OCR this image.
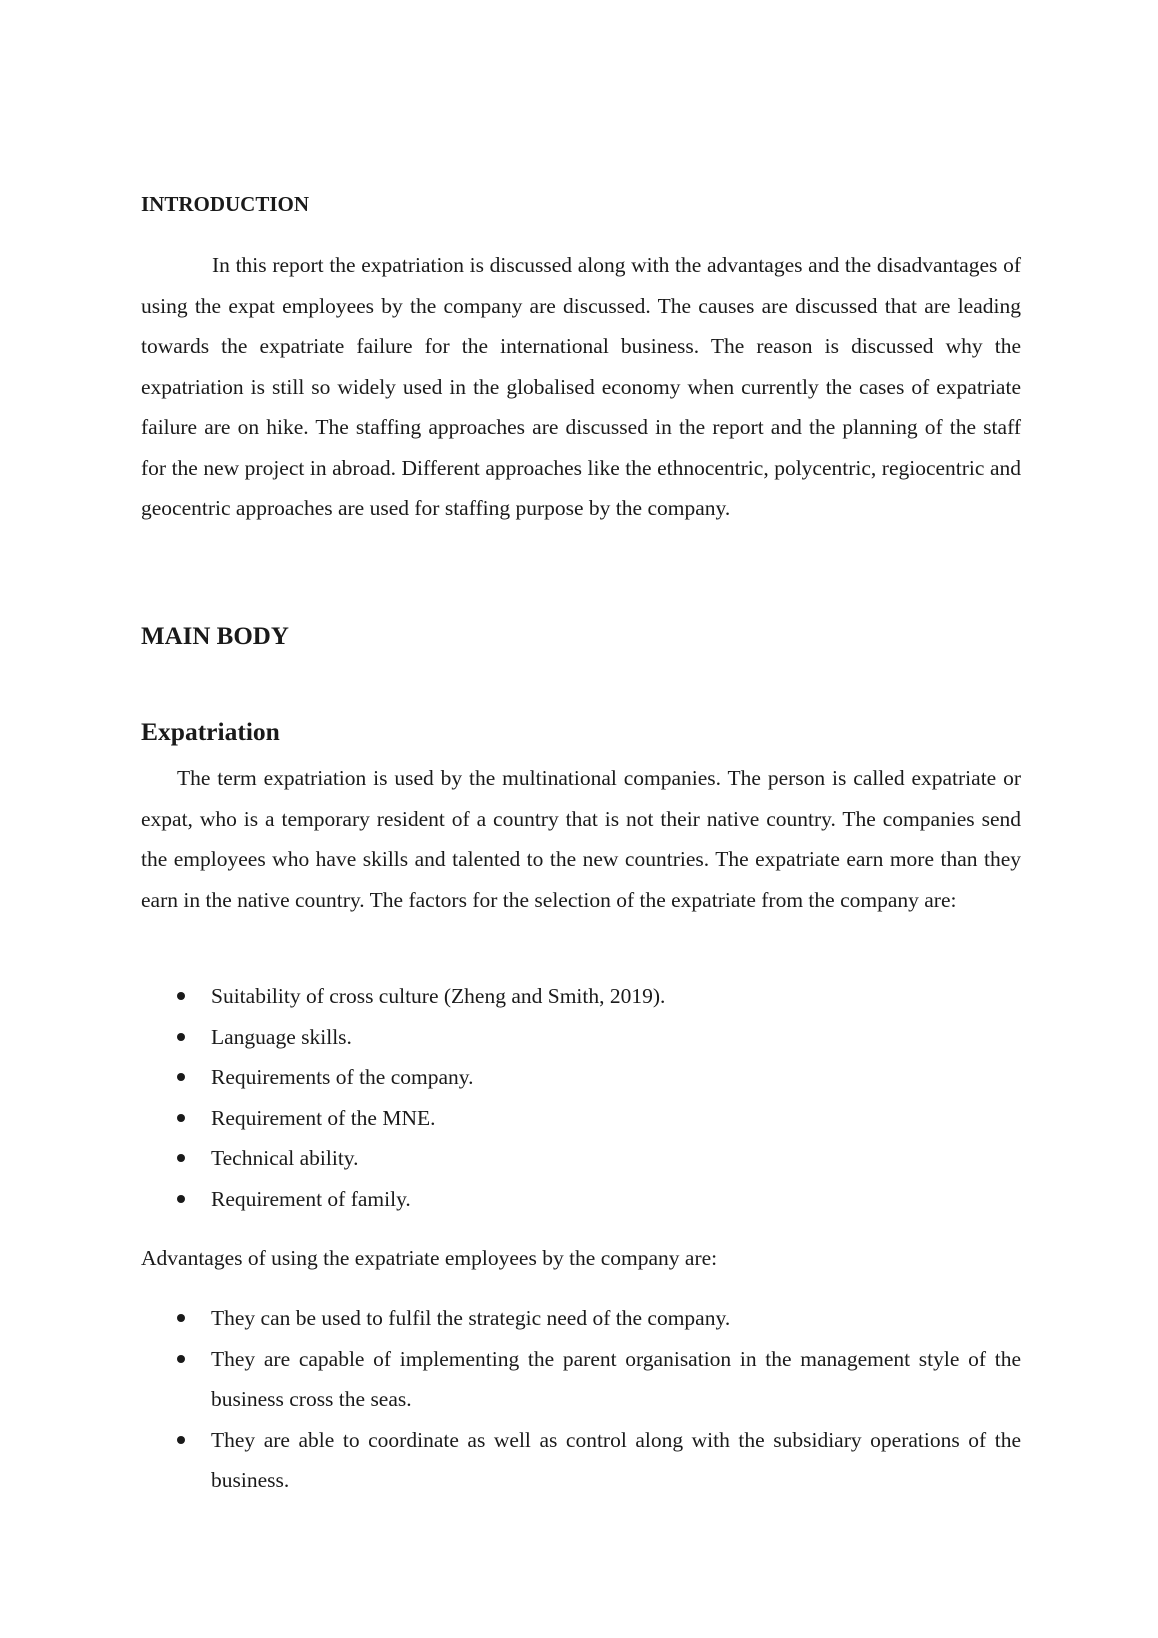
INTRODUCTION

In this report the expatriation is discussed along with the advantages and the disadvantages of using the expat employees by the company are discussed. The causes are discussed that are leading towards the expatriate failure for the international business. The reason is discussed why the expatriation is still so widely used in the globalised economy when currently the cases of expatriate failure are on hike. The staffing approaches are discussed in the report and the planning of the staff for the new project in abroad. Different approaches like the ethnocentric, polycentric, regiocentric and geocentric approaches are used for staffing purpose by the company.

MAIN BODY
Expatriation

The term expatriation is used by the multinational companies. The person is called expatriate or expat, who is a temporary resident of a country that is not their native country. The companies send the employees who have skills and talented to the new countries. The expatriate earn more than they earn in the native country. The factors for the selection of the expatriate from the company are:

Suitability of cross culture (Zheng and Smith, 2019).
Language skills.
Requirements of the company.
Requirement of the MNE.
Technical ability.
Requirement of family.

Advantages of using the expatriate employees by the company are:

They can be used to fulfil the strategic need of the company.
They are capable of implementing the parent organisation in the management style of the business cross the seas.
They are able to coordinate as well as control along with the subsidiary operations of the business.
